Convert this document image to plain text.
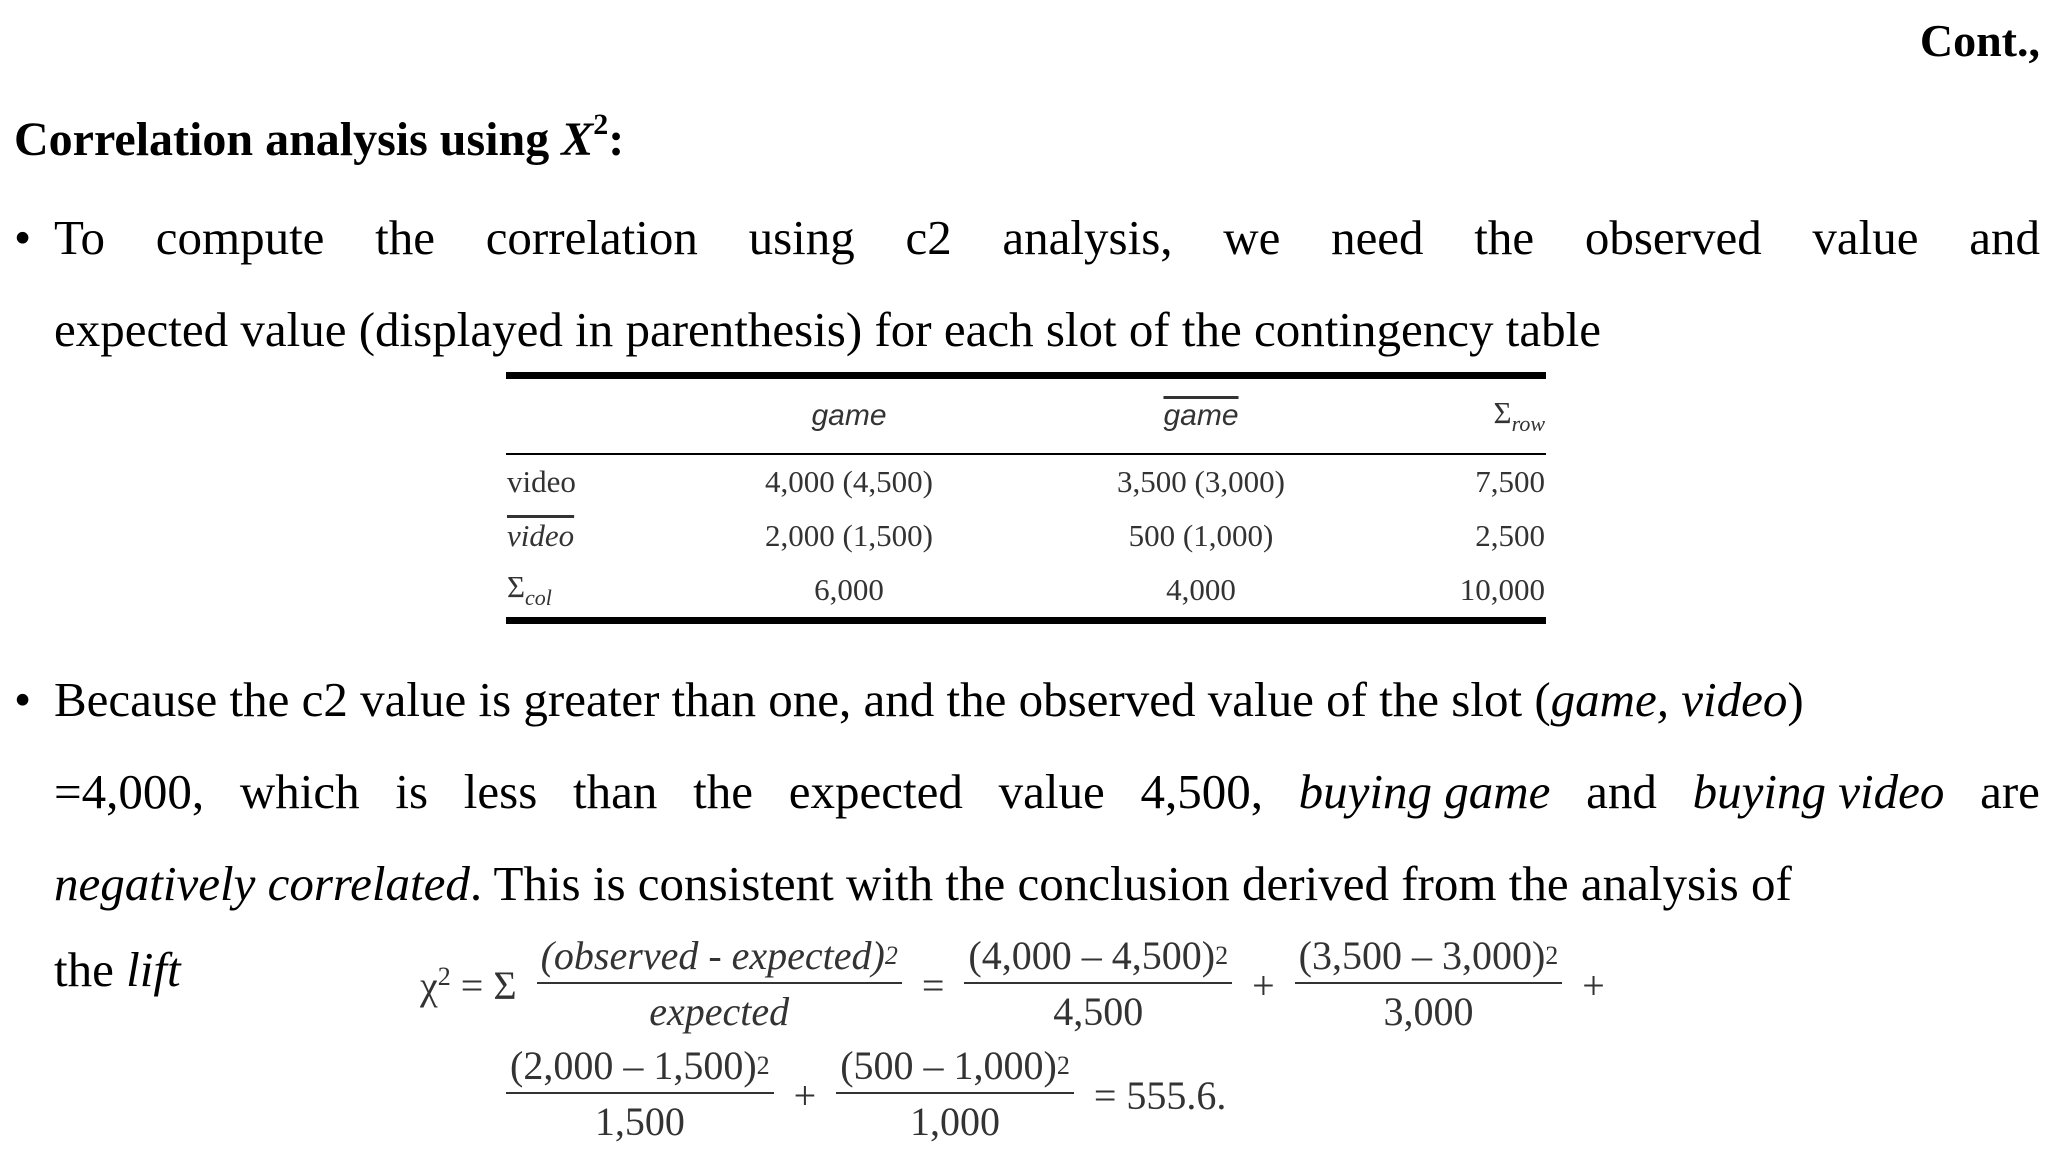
Cont.,
Correlation analysis using $X^2$:
• To compute the correlation using c2 analysis, we need the observed value and
expected value (displayed in parenthesis) for each slot of the contingency table
	game	game	$\Sigma_{row}$
video	4,000 (4,500)	3,500 (3,000)	7,500
video	2,000 (1,500)	500 (1,000)	2,500
$\Sigma_{col}$	6,000	4,000	10,000
• Because the c2 value is greater than one, and the observed value of the slot (game, video)
=4,000, which is less than the expected value 4,500, buying game and buying video are
negatively correlated. This is consistent with the conclusion derived from the analysis of
the lift	$\chi^2 = \Sigma \frac{(observed - expected)^2}{\text{expected}} = \frac{(4,000 - 4,500)^2}{4,500} + \frac{(3,500 - 3,000)^2}{3,000}$ +
$\frac{(2,000 - 1,500)^2}{1,500} + \frac{(500 - 1,000)^2}{1,000} = 555.6$.
